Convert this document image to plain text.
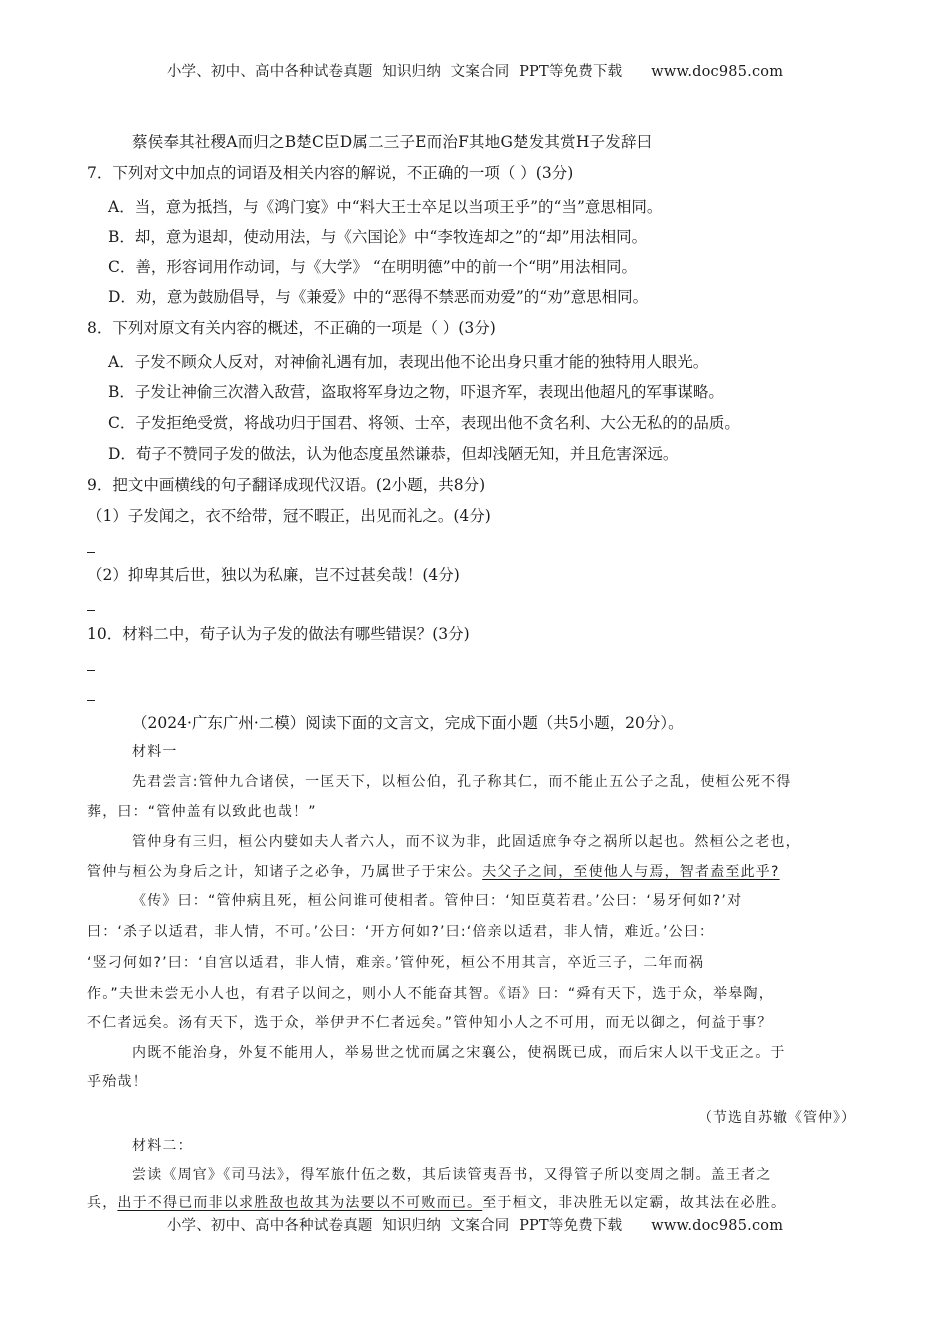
小学、初中、高中各种试卷真题  知识归纳  文案合同  PPT等免费下载      www.doc985.com
蔡侯奉其社稷A而归之B楚C臣D属二三子E而治F其地G楚发其赏H子发辞曰
7．下列对文中加点的词语及相关内容的解说，不正确的一项（ ）(3分)
A．当，意为抵挡，与《鸿门宴》中“料大王士卒足以当项王乎”的“当”意思相同。
B．却，意为退却，使动用法，与《六国论》中“李牧连却之”的“却”用法相同。
C．善，形容词用作动词，与《大学》 “在明明德”中的前一个“明”用法相同。
D．劝，意为鼓励倡导，与《兼爱》中的“恶得不禁恶而劝爱”的“劝”意思相同。
8．下列对原文有关内容的概述，不正确的一项是（ ）(3分)
A．子发不顾众人反对，对神偷礼遇有加，表现出他不论出身只重才能的独特用人眼光。
B．子发让神偷三次潜入敌营，盗取将军身边之物，吓退齐军，表现出他超凡的军事谋略。
C．子发拒绝受赏，将战功归于国君、将领、士卒，表现出他不贪名利、大公无私的的品质。
D．荀子不赞同子发的做法，认为他态度虽然谦恭，但却浅陋无知，并且危害深远。
9．把文中画横线的句子翻译成现代汉语。(2小题，共8分)
（1）子发闻之，衣不给带，冠不暇正，出见而礼之。(4分)
（2）抑卑其后世，独以为私廉，岂不过甚矣哉！(4分)
10．材料二中，荀子认为子发的做法有哪些错误？(3分)
（2024·广东广州·二模）阅读下面的文言文，完成下面小题（共5小题，20分）。
材料一
先君尝言:管仲九合诸侯，一匡天下，以桓公伯，孔子称其仁，而不能止五公子之乱，使桓公死不得
葬，曰：“管仲盖有以致此也哉！”
管仲身有三归，桓公内嬖如夫人者六人，而不议为非，此固适庶争夺之祸所以起也。然桓公之老也，
管仲与桓公为身后之计，知诸子之必争，乃属世子于宋公。夫父子之间，至使他人与焉，智者盍至此乎?
《传》曰：“管仲病且死，桓公问谁可使相者。管仲曰：‘知臣莫若君。’公曰：‘易牙何如?’对
曰：‘杀子以适君，非人情，不可。’公曰：‘开方何如?’曰:‘倍亲以适君，非人情，难近。’公曰：
‘竖刁何如?’曰：‘自宫以适君，非人情，难亲。’管仲死，桓公不用其言，卒近三子，二年而祸
作。”夫世未尝无小人也，有君子以间之，则小人不能奋其智。《语》曰：“舜有天下，选于众，举皋陶，
不仁者远矣。汤有天下，选于众，举伊尹不仁者远矣。”管仲知小人之不可用，而无以御之，何益于事？
内既不能治身，外复不能用人，举易世之忧而属之宋襄公，使祸既已成，而后宋人以干戈正之。于
乎殆哉！
（节选自苏辙《管仲》）
材料二：
尝读《周官》《司马法》，得军旅什伍之数，其后读管夷吾书，又得管子所以变周之制。盖王者之
兵，出于不得已而非以求胜敌也故其为法要以不可败而已。至于桓文，非决胜无以定霸，故其法在必胜。
小学、初中、高中各种试卷真题  知识归纳  文案合同  PPT等免费下载      www.doc985.com
